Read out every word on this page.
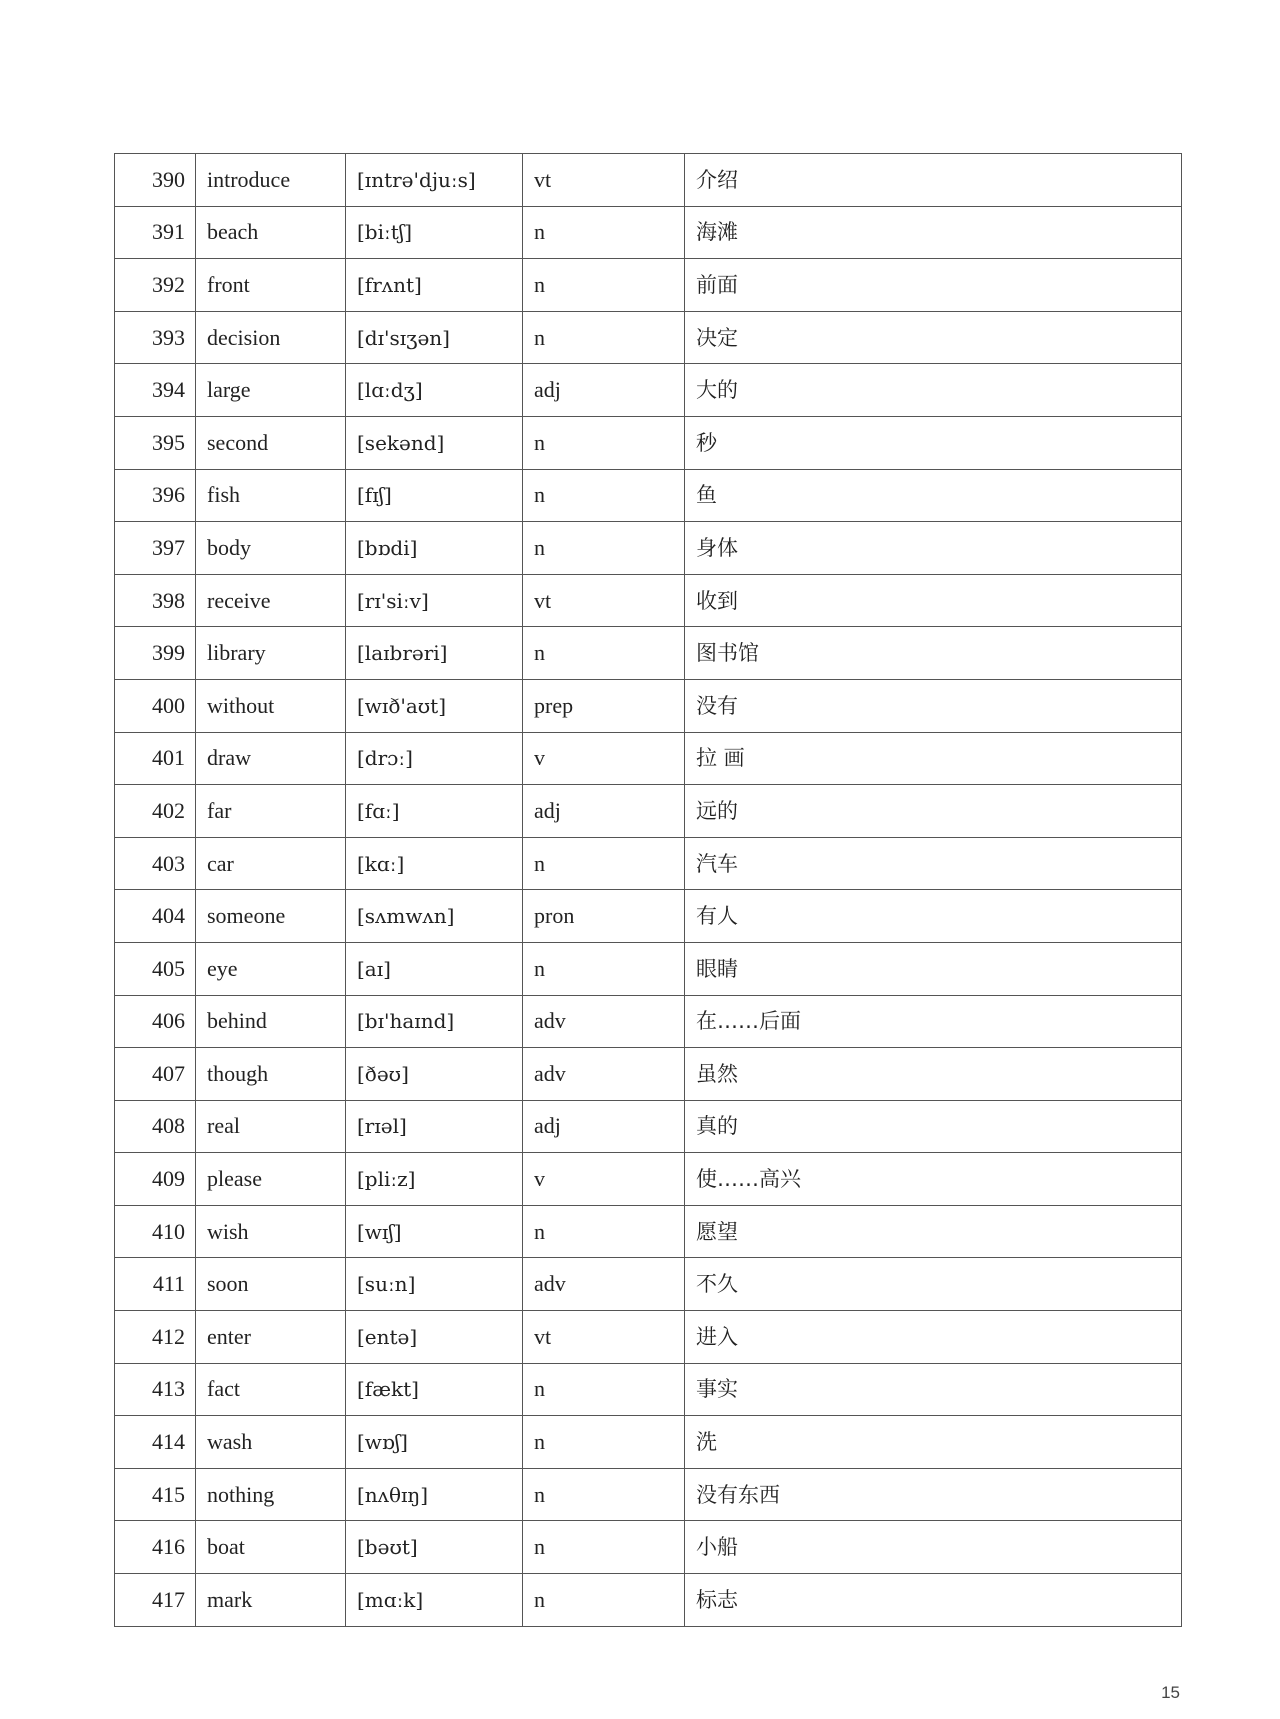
390	introduce	[ɪntrə'djuːs]	vt	介绍
391	beach	[biːtʃ]	n	海滩
392	front	[frʌnt]	n	前面
393	decision	[dɪ'sɪʒən]	n	决定
394	large	[lɑːdʒ]	adj	大的
395	second	[sekənd]	n	秒
396	fish	[fɪʃ]	n	鱼
397	body	[bɒdi]	n	身体
398	receive	[rɪ'siːv]	vt	收到
399	library	[laɪbrəri]	n	图书馆
400	without	[wɪð'aʊt]	prep	没有
401	draw	[drɔː]	v	拉 画
402	far	[fɑː]	adj	远的
403	car	[kɑː]	n	汽车
404	someone	[sʌmwʌn]	pron	有人
405	eye	[aɪ]	n	眼睛
406	behind	[bɪ'haɪnd]	adv	在……后面
407	though	[ðəʊ]	adv	虽然
408	real	[rɪəl]	adj	真的
409	please	[pliːz]	v	使……高兴
410	wish	[wɪʃ]	n	愿望
411	soon	[suːn]	adv	不久
412	enter	[entə]	vt	进入
413	fact	[fækt]	n	事实
414	wash	[wɒʃ]	n	洗
415	nothing	[nʌθɪŋ]	n	没有东西
416	boat	[bəʊt]	n	小船
417	mark	[mɑːk]	n	标志
15
